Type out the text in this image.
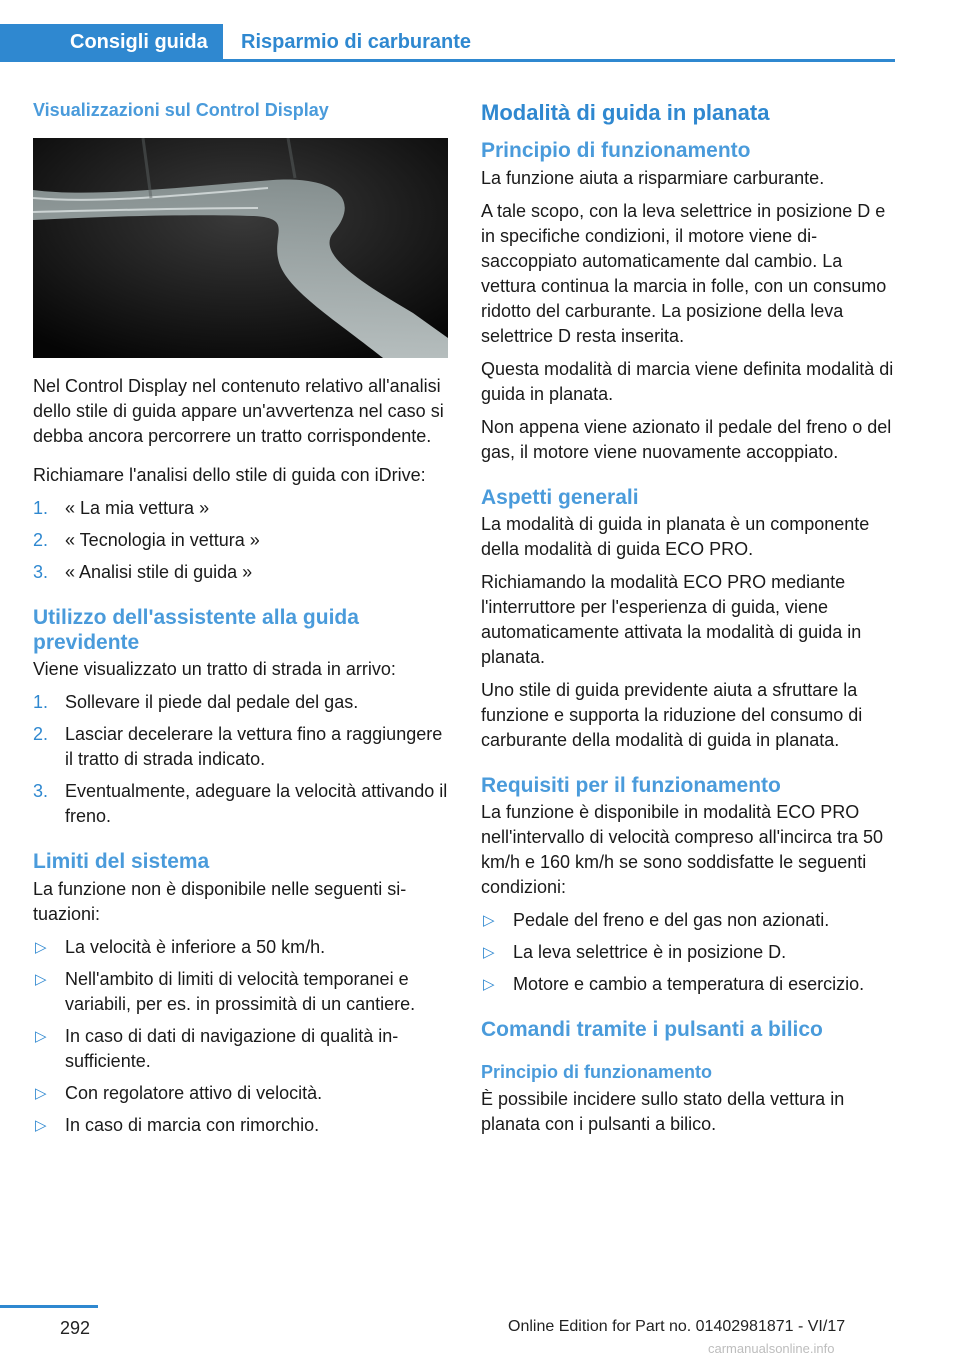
Consigli guida	Risparmio di carburante
Visualizzazioni sul Control Display

Nel Control Display nel contenuto relativo all'analisi dello stile di guida appare un'avvertenza nel caso si debba ancora percorrere un tratto corrispondente.

Richiamare l'analisi dello stile di guida con iDrive:

1. « La mia vettura »
2. « Tecnologia in vettura »
3. « Analisi stile di guida »
Utilizzo dell'assistente alla guida previdente

Viene visualizzato un tratto di strada in arrivo:

1. Sollevare il piede dal pedale del gas.
2. Lasciar decelerare la vettura fino a raggiungere il tratto di strada indicato.
3. Eventualmente, adeguare la velocità attivando il freno.
Limiti del sistema

La funzione non è disponibile nelle seguenti situazioni:

▷ La velocità è inferiore a 50 km/h.
▷ Nell'ambito di limiti di velocità temporanei e variabili, per es. in prossimità di un cantiere.
▷ In caso di dati di navigazione di qualità insufficiente.
▷ Con regolatore attivo di velocità.
▷ In caso di marcia con rimorchio.
Modalità di guida in planata
Principio di funzionamento

La funzione aiuta a risparmiare carburante.

A tale scopo, con la leva selettrice in posizione D e in specifiche condizioni, il motore viene disaccoppiato automaticamente dal cambio. La vettura continua la marcia in folle, con un consumo ridotto del carburante. La posizione della leva selettrice D resta inserita.

Questa modalità di marcia viene definita modalità di guida in planata.

Non appena viene azionato il pedale del freno o del gas, il motore viene nuovamente accoppiato.

Aspetti generali

La modalità di guida in planata è un componente della modalità di guida ECO PRO.

Richiamando la modalità ECO PRO mediante l'interruttore per l'esperienza di guida, viene automaticamente attivata la modalità di guida in planata.

Uno stile di guida previdente aiuta a sfruttare la funzione e supporta la riduzione del consumo di carburante della modalità di guida in planata.

Requisiti per il funzionamento

La funzione è disponibile in modalità ECO PRO nell'intervallo di velocità compreso all'incirca tra 50 km/h e 160 km/h se sono soddisfatte le seguenti condizioni:

▷ Pedale del freno e del gas non azionati.
▷ La leva selettrice è in posizione D.
▷ Motore e cambio a temperatura di esercizio.
Comandi tramite i pulsanti a bilico
Principio di funzionamento

È possibile incidere sullo stato della vettura in planata con i pulsanti a bilico.

292	Online Edition for Part no. 01402981871 - VI/17
carmanualsonline.info
